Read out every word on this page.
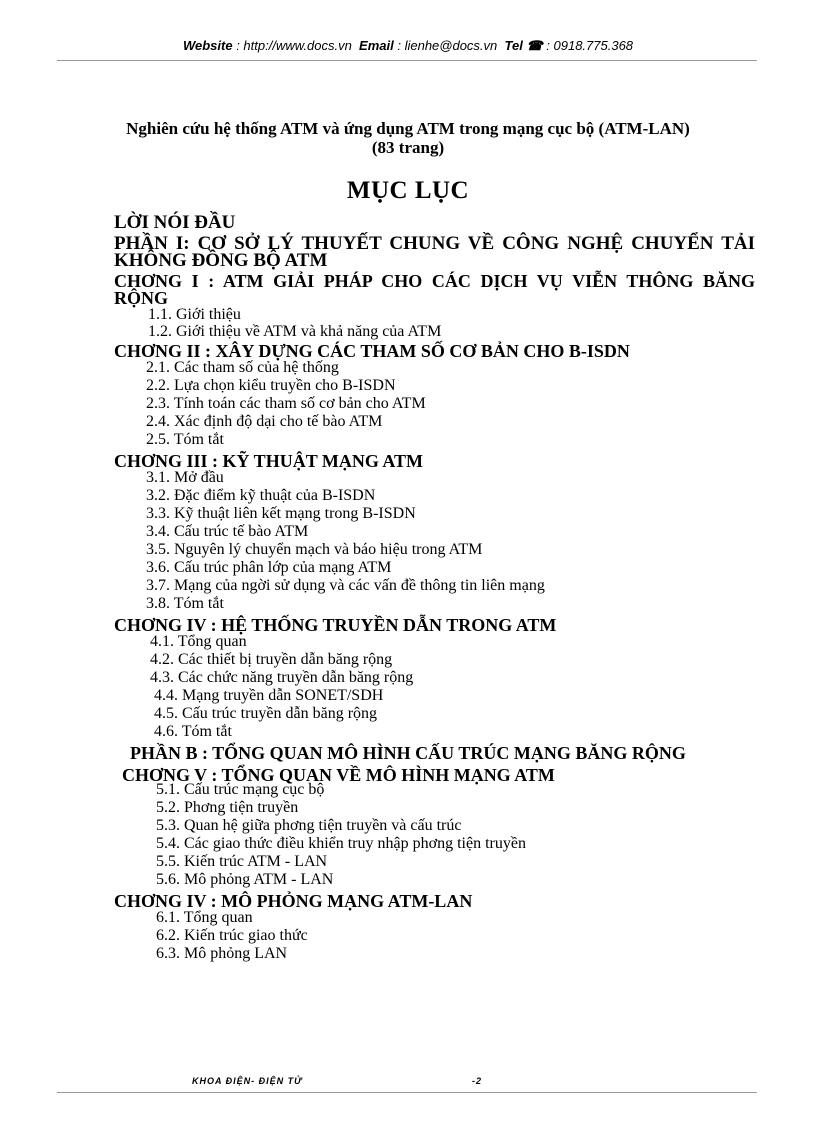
Website : http://www.docs.vn Email : lienhe@docs.vn Tel ☎ : 0918.775.368
Nghiên cứu hệ thống ATM và ứng dụng ATM trong mạng cục bộ (ATM-LAN)
(83 trang)
MỤC LỤC
LỜI NÓI ĐẦU
PHẦN I: CƠ SỞ LÝ THUYẾT CHUNG VỀ CÔNG NGHỆ CHUYỂN TẢI
KHÔNG ĐỒNG BỘ ATM
CHƠNG I : ATM GIẢI PHÁP CHO CÁC DỊCH VỤ VIỄN THÔNG BĂNG
RỘNG
1.1. Giới thiệu
1.2. Giới thiệu về ATM và khả năng của ATM
CHƠNG II : XÂY DỰNG CÁC THAM SỐ CƠ BẢN CHO B-ISDN
2.1. Các tham số của hệ thống
2.2. Lựa chọn kiểu truyền cho B-ISDN
2.3. Tính toán các tham số cơ bản cho ATM
2.4. Xác định độ dại cho tế bào ATM
2.5. Tóm tắt
CHƠNG III : KỸ THUẬT MẠNG ATM
3.1. Mở đầu
3.2. Đặc điểm kỹ thuật của B-ISDN
3.3. Kỹ thuật liên kết mạng trong B-ISDN
3.4. Cấu trúc tế bào ATM
3.5. Nguyên lý chuyển mạch và báo hiệu trong ATM
3.6. Cấu trúc phân lớp của mạng ATM
3.7. Mạng của ngời sử dụng và các vấn đề thông tin liên mạng
3.8. Tóm tắt
CHƠNG IV : HỆ THỐNG TRUYỀN DẪN TRONG ATM
4.1. Tổng quan
4.2. Các thiết bị truyền dẫn băng rộng
4.3. Các chức năng truyền dẫn băng rộng
4.4. Mạng truyền dẫn SONET/SDH
4.5. Cấu trúc truyền dẫn băng rộng
4.6. Tóm tắt
PHẦN B : TỔNG QUAN MÔ HÌNH CẤU TRÚC MẠNG BĂNG RỘNG
CHƠNG V : TỔNG QUAN VỀ MÔ HÌNH MẠNG ATM
5.1. Cấu trúc mạng cục bộ
5.2. Phơng tiện truyền
5.3. Quan hệ giữa phơng tiện truyền và cấu trúc
5.4. Các giao thức điều khiển truy nhập phơng tiện truyền
5.5. Kiến trúc ATM - LAN
5.6. Mô phỏng ATM - LAN
CHƠNG IV : MÔ PHỎNG MẠNG ATM-LAN
6.1. Tổng quan
6.2. Kiến trúc giao thức
6.3. Mô phỏng LAN
KHOA ĐIỆN- ĐIỆN TỬ	-2
